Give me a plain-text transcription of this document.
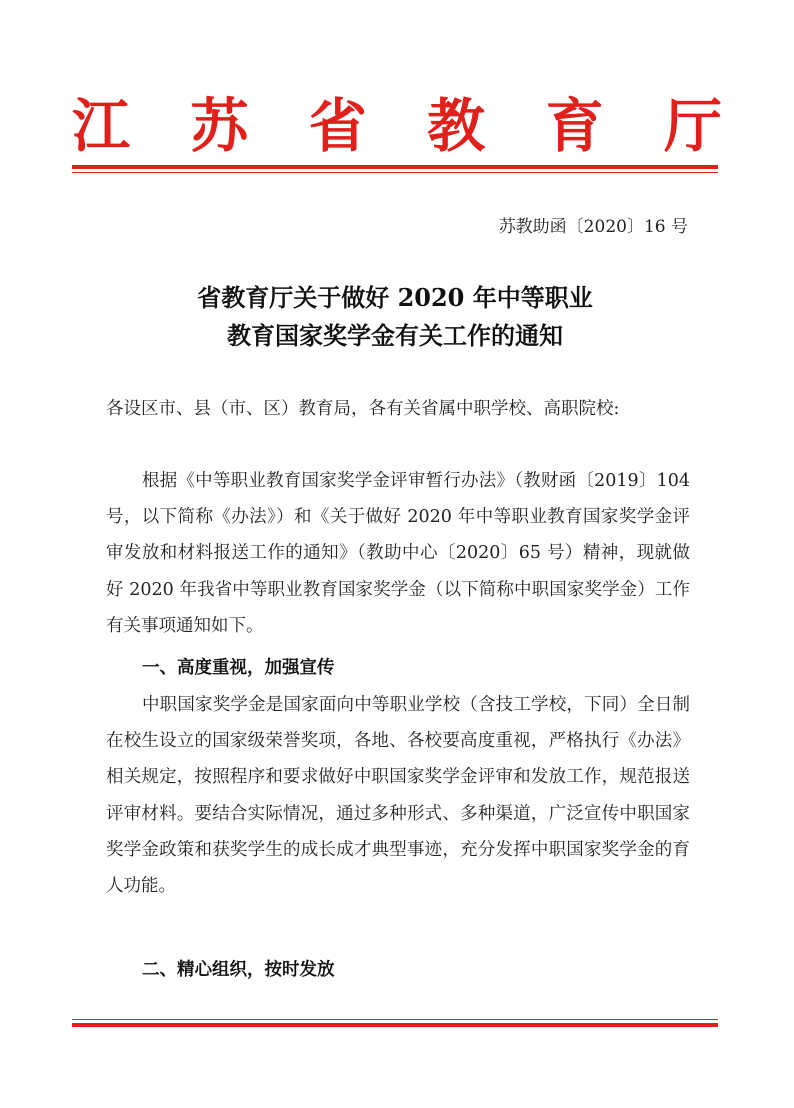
江 苏 省 教 育 厅
苏教助函〔2020〕16 号
省教育厅关于做好 2020 年中等职业
教育国家奖学金有关工作的通知
各设区市、县（市、区）教育局，各有关省属中职学校、高职院校:
根据《中等职业教育国家奖学金评审暂行办法》（教财函〔2019〕104 号，以下简称《办法》）和《关于做好 2020 年中等职业教育国家奖学金评审发放和材料报送工作的通知》（教助中心〔2020〕65 号）精神，现就做好 2020 年我省中等职业教育国家奖学金（以下简称中职国家奖学金）工作有关事项通知如下。
一、高度重视，加强宣传
中职国家奖学金是国家面向中等职业学校（含技工学校，下同）全日制在校生设立的国家级荣誉奖项，各地、各校要高度重视，严格执行《办法》相关规定，按照程序和要求做好中职国家奖学金评审和发放工作，规范报送评审材料。要结合实际情况，通过多种形式、多种渠道，广泛宣传中职国家奖学金政策和获奖学生的成长成才典型事迹，充分发挥中职国家奖学金的育人功能。
二、精心组织，按时发放
